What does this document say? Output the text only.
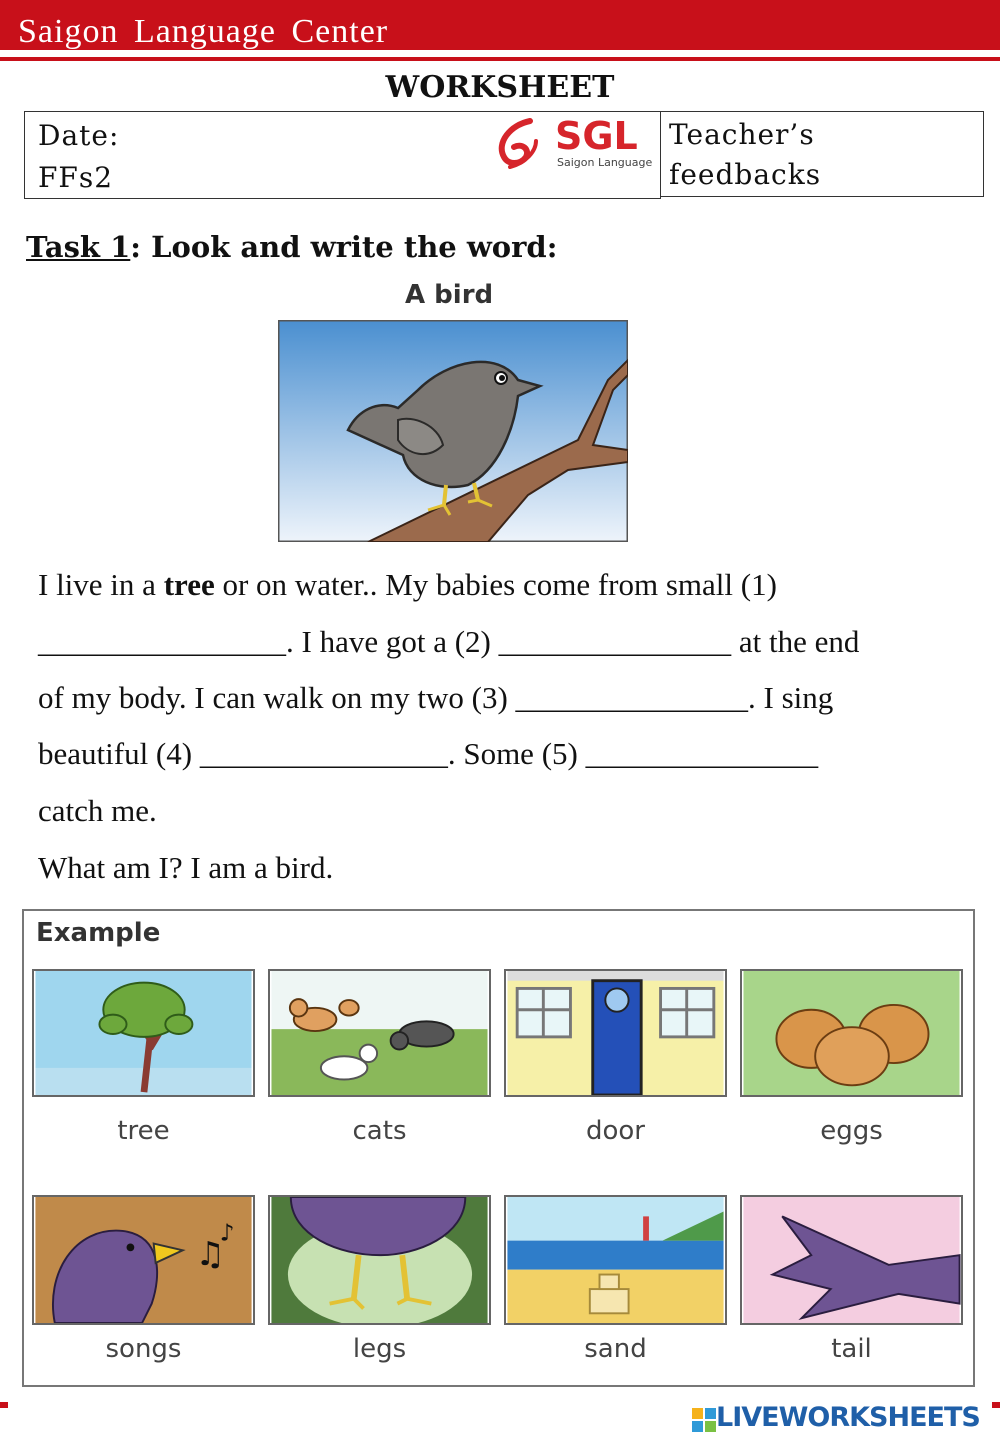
Saigon Language Center
WORKSHEET
Date:
FFs2
Teacher’s
feedbacks
SGL
Saigon Language
Task 1: Look and write the word:
A bird
I live in a tree or on water.. My babies come from small (1)
________________. I have got a (2) _______________ at the end
of my body. I can walk on my two (3) _______________. I sing
beautiful (4) ________________. Some (5) _______________
catch me.
What am I? I am a bird.
Example
tree	cats	door	eggs
♫
♪
songs	legs	sand	tail
LIVEWORKSHEETS
